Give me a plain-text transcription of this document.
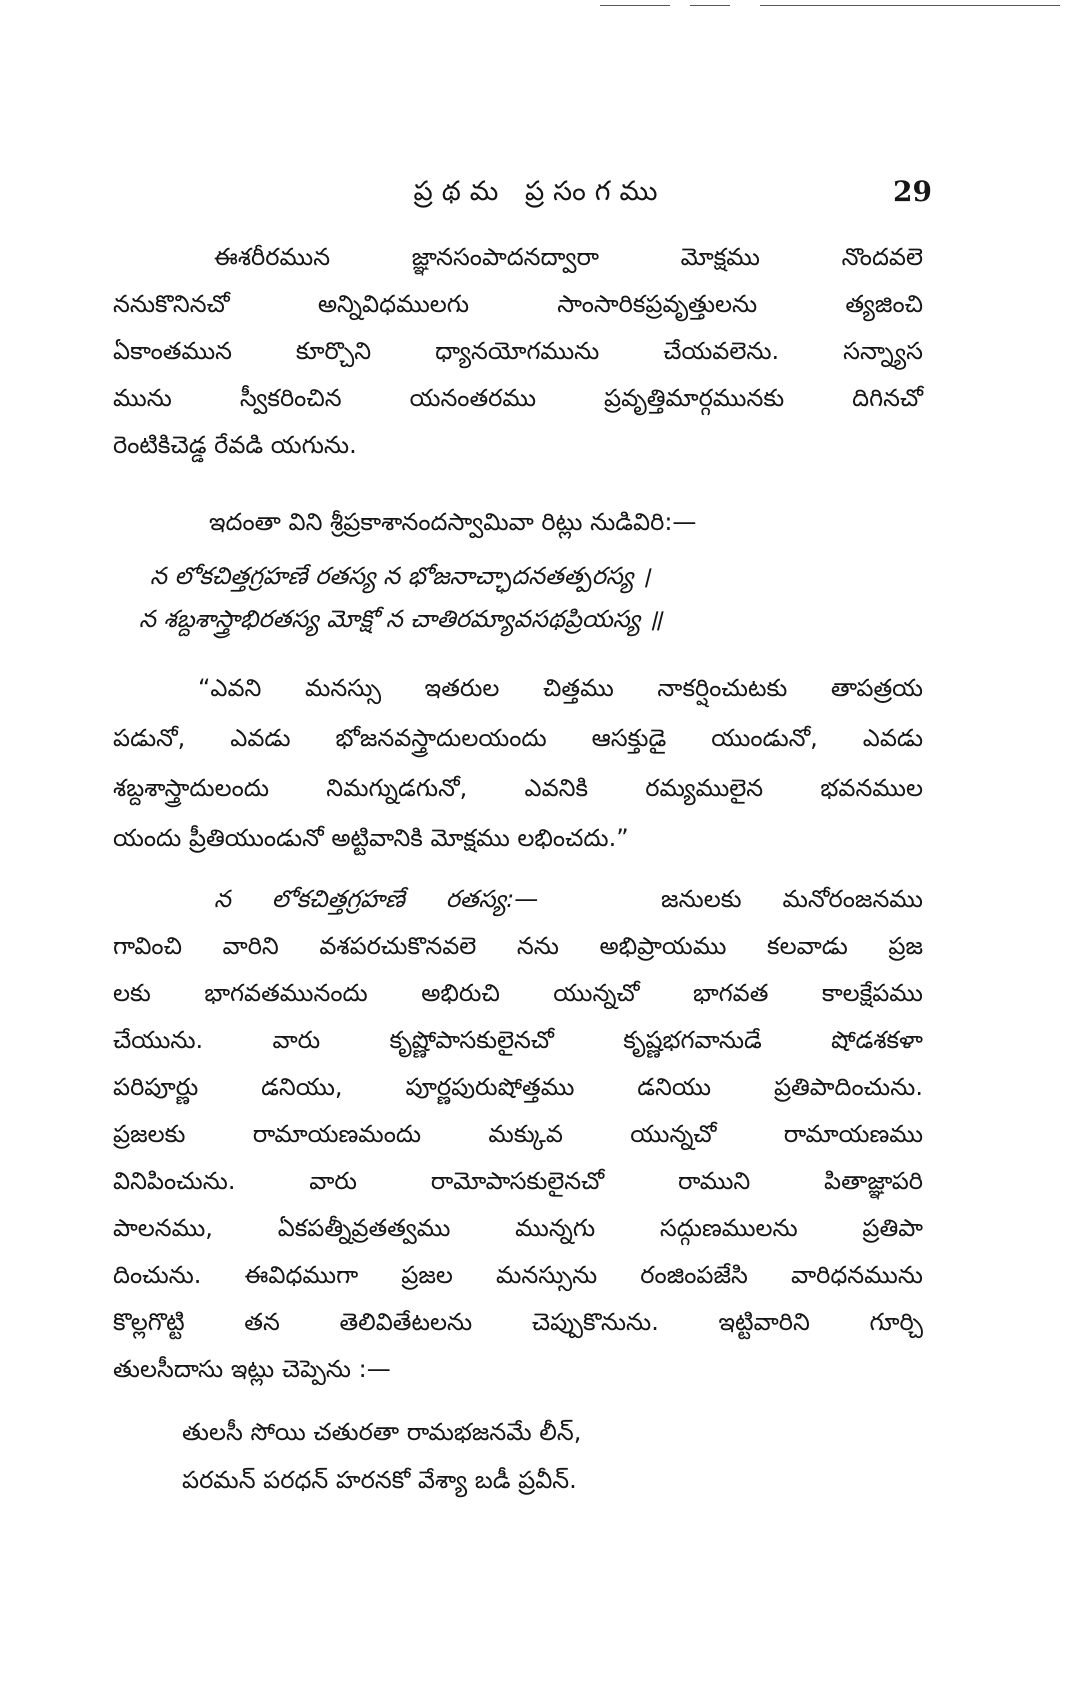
ప్రథమ ప్రసంగము	29
ఈశరీరమున జ్ఞానసంపాదనద్వారా మోక్షము నొందవలె
ననుకొనినచో అన్నివిధములగు సాంసారికప్రవృత్తులను త్యజించి
ఏకాంతమున కూర్చొని ధ్యానయోగమును చేయవలెను. సన్న్యాస
మును స్వీకరించిన యనంతరము ప్రవృత్తిమార్గమునకు దిగినచో
రెంటికిచెడ్డ రేవడి యగును.
ఇదంతా విని శ్రీప్రకాశానందస్వామివా రిట్లు నుడివిరి:—
న లోకచిత్తగ్రహణే రతస్య న భోజనాచ్ఛాదనతత్పరస్య ।
న శబ్దశాస్త్రాభిరతస్య మోక్షో న చాతిరమ్యావసథప్రియస్య ॥
“ఎవని మనస్సు ఇతరుల చిత్తము నాకర్షించుటకు తాపత్రయ
పడునో, ఎవడు భోజనవస్త్రాదులయందు ఆసక్తుడై యుండునో, ఎవడు
శబ్దశాస్త్రాదులందు నిమగ్నుడగునో, ఎవనికి రమ్యములైన భవనముల
యందు ప్రీతియుండునో అట్టివానికి మోక్షము లభించదు.”
న లోకచిత్తగ్రహణే రతస్య:—	జనులకు మనోరంజనము
గావించి వారిని వశపరచుకొనవలె నను అభిప్రాయము కలవాడు ప్రజ
లకు భాగవతమునందు అభిరుచి యున్నచో భాగవత కాలక్షేపము
చేయును. వారు కృష్ణోపాసకులైనచో కృష్ణభగవానుడే షోడశకళా
పరిపూర్ణు డనియు, పూర్ణపురుషోత్తము డనియు ప్రతిపాదించును.
ప్రజలకు రామాయణమందు మక్కువ యున్నచో రామాయణము
వినిపించును. వారు రామోపాసకులైనచో రాముని పితాజ్ఞాపరి
పాలనము, ఏకపత్నీవ్రతత్వము మున్నగు సద్గుణములను ప్రతిపా
దించును. ఈవిధముగా ప్రజల మనస్సును రంజింపజేసి వారిధనమును
కొల్లగొట్టి తన తెలివితేటలను చెప్పుకొనును. ఇట్టివారిని గూర్చి
తులసీదాసు ఇట్లు చెప్పెను :—
తులసీ సోయి చతురతా రామభజనమే లీన్,
పరమన్ పరధన్ హరనకో వేశ్యా బడీ ప్రవీన్.
